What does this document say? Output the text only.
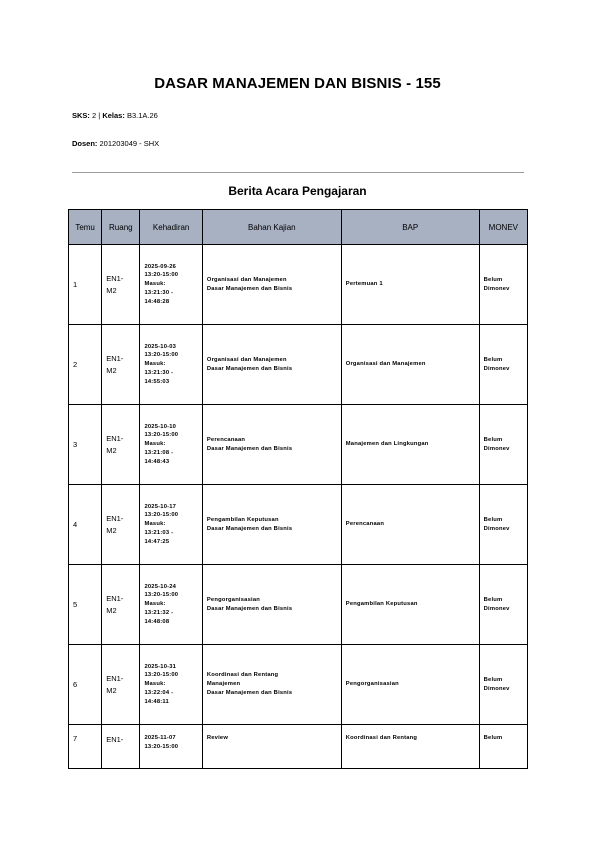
DASAR MANAJEMEN DAN BISNIS - 155
SKS: 2 | Kelas: B3.1A.26
Dosen: 201203049 - SHX
Berita Acara Pengajaran
Temu	Ruang	Kehadiran	Bahan Kajian	BAP	MONEV
1	EN1-
M2	2025-09-26
13:20-15:00
Masuk:
13:21:30 -
14:48:28	Organisasi dan Manajemen
Dasar Manajemen dan Bisnis	Pertemuan 1	Belum
Dimonev

2	EN1-
M2	2025-10-03
13:20-15:00
Masuk:
13:21:30 -
14:55:03	Organisasi dan Manajemen
Dasar Manajemen dan Bisnis	Organisasi dan Manajemen	Belum
Dimonev

3	EN1-
M2	2025-10-10
13:20-15:00
Masuk:
13:21:08 -
14:48:43	Perencanaan
Dasar Manajemen dan Bisnis	Manajemen dan Lingkungan	Belum
Dimonev

4	EN1-
M2	2025-10-17
13:20-15:00
Masuk:
13:21:03 -
14:47:25	Pengambilan Keputusan
Dasar Manajemen dan Bisnis	Perencanaan	Belum
Dimonev

5	EN1-
M2	2025-10-24
13:20-15:00
Masuk:
13:21:32 -
14:48:08	Pengorganisasian
Dasar Manajemen dan Bisnis	Pengambilan Keputusan	Belum
Dimonev

6	EN1-
M2	2025-10-31
13:20-15:00
Masuk:
13:22:04 -
14:48:11	Koordinasi dan Rentang
Manajemen
Dasar Manajemen dan Bisnis	Pengorganisasian	Belum
Dimonev

7	EN1-	2025-11-07
13:20-15:00	Review	Koordinasi dan Rentang	Belum
